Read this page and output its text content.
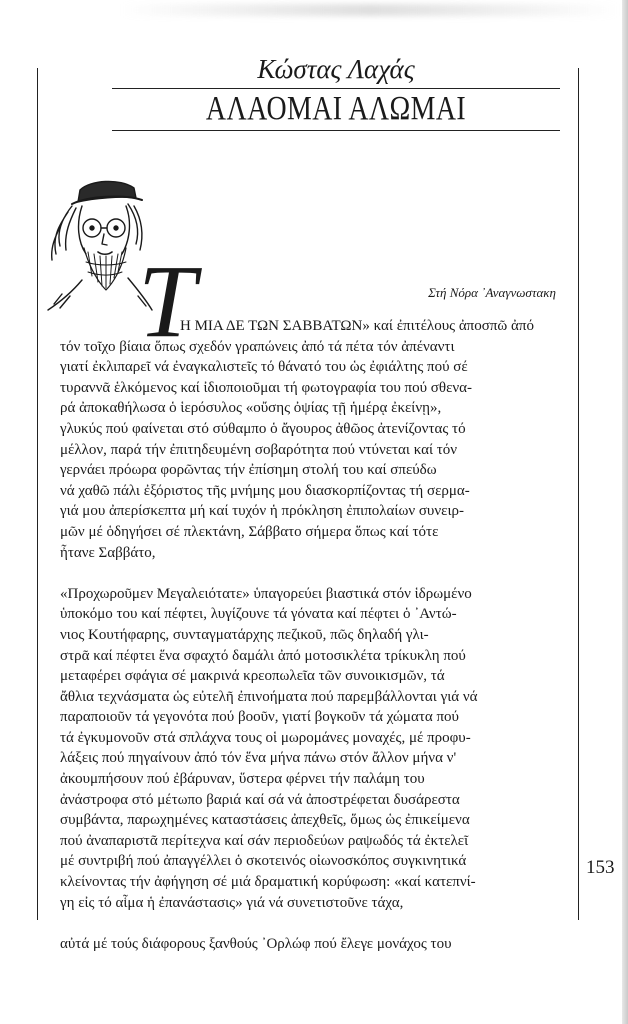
Κώστας Λαχάς
ΑΛΑΟΜΑΙ ΑΛΩΜΑΙ
Στή Νόρα ᾿Αναγνωστακη
T
Η ΜΙΑ ΔΕ ΤΩΝ ΣΑΒΒΑΤΩΝ» καί ἐπιτέλους ἀποσπῶ ἀπό
τόν τοῖχο βίαια ὅπως σχεδόν γραπώνεις ἀπό τά πέτα τόν ἀπέναντι
γιατί ἐκλιπαρεῖ νά ἐναγκαλιστεῖς τό θάνατό του ὡς ἐφιάλτης πού σέ
τυραννᾶ ἑλκόμενος καί ἰδιοποιοῦμαι τή φωτογραφία του πού σθενα-
ρά ἀποκαθήλωσα ὁ ἱερόσυλος «οὔσης ὀψίας τῇ ἡμέρᾳ ἐκείνῃ»,
γλυκύς πού φαίνεται στό σύθαμπο ὁ ἄγουρος ἀθῶος ἀτενίζοντας τό
μέλλον, παρά τήν ἐπιτηδευμένη σοβαρότητα πού ντύνεται καί τόν
γερνάει πρόωρα φορῶντας τήν ἐπίσημη στολή του καί σπεύδω
νά χαθῶ πάλι ἐξόριστος τῆς μνήμης μου διασκορπίζοντας τή σερμα-
γιά μου ἀπερίσκεπτα μή καί τυχόν ἡ πρόκληση ἐπιπολαίων συνειρ-
μῶν μέ ὁδηγήσει σέ πλεκτάνη, Σάββατο σήμερα ὅπως καί τότε
ἦτανε Σαββάτο,
«Προχωροῦμεν Μεγαλειότατε» ὑπαγορεύει βιαστικά στόν ἱδρωμένο
ὑποκόμο του καί πέφτει, λυγίζουνε τά γόνατα καί πέφτει ὁ ᾿Αντώ-
νιος Κουτήφαρης, συνταγματάρχης πεζικοῦ, πῶς δηλαδή γλι-
στρᾶ καί πέφτει ἕνα σφαχτό δαμάλι ἀπό μοτοσικλέτα τρίκυκλη πού
μεταφέρει σφάγια σέ μακρινά κρεοπωλεῖα τῶν συνοικισμῶν, τά
ἄθλια τεχνάσματα ὡς εὐτελῆ ἐπινοήματα πού παρεμβάλλονται γιά νά
παραποιοῦν τά γεγονότα πού βοοῦν, γιατί βογκοῦν τά χώματα πού
τά ἐγκυμονοῦν στά σπλάχνα τους οἱ μωρομάνες μοναχές, μέ προφυ-
λάξεις πού πηγαίνουν ἀπό τόν ἕνα μήνα πάνω στόν ἄλλον μήνα ν'
ἀκουμπήσουν πού ἐβάρυναν, ὕστερα φέρνει τήν παλάμη του
ἀνάστροφα στό μέτωπο βαριά καί σά νά ἀποστρέφεται δυσάρεστα
συμβάντα, παρωχημένες καταστάσεις ἀπεχθεῖς, ὅμως ὡς ἐπικείμενα
πού ἀναπαριστᾶ περίτεχνα καί σάν περιοδεύων ραψωδός τά ἐκτελεῖ
μέ συντριβή πού ἀπαγγέλλει ὁ σκοτεινός οἰωνοσκόπος συγκινητικά
κλείνοντας τήν ἀφήγηση σέ μιά δραματική κορύφωση: «καί κατεπνί-
γη εἰς τό αἷμα ἡ ἐπανάστασις» γιά νά συνετιστοῦνε τάχα,
αὐτά μέ τούς διάφορους ξανθούς ᾿Ορλώφ πού ἔλεγε μονάχος του
153
